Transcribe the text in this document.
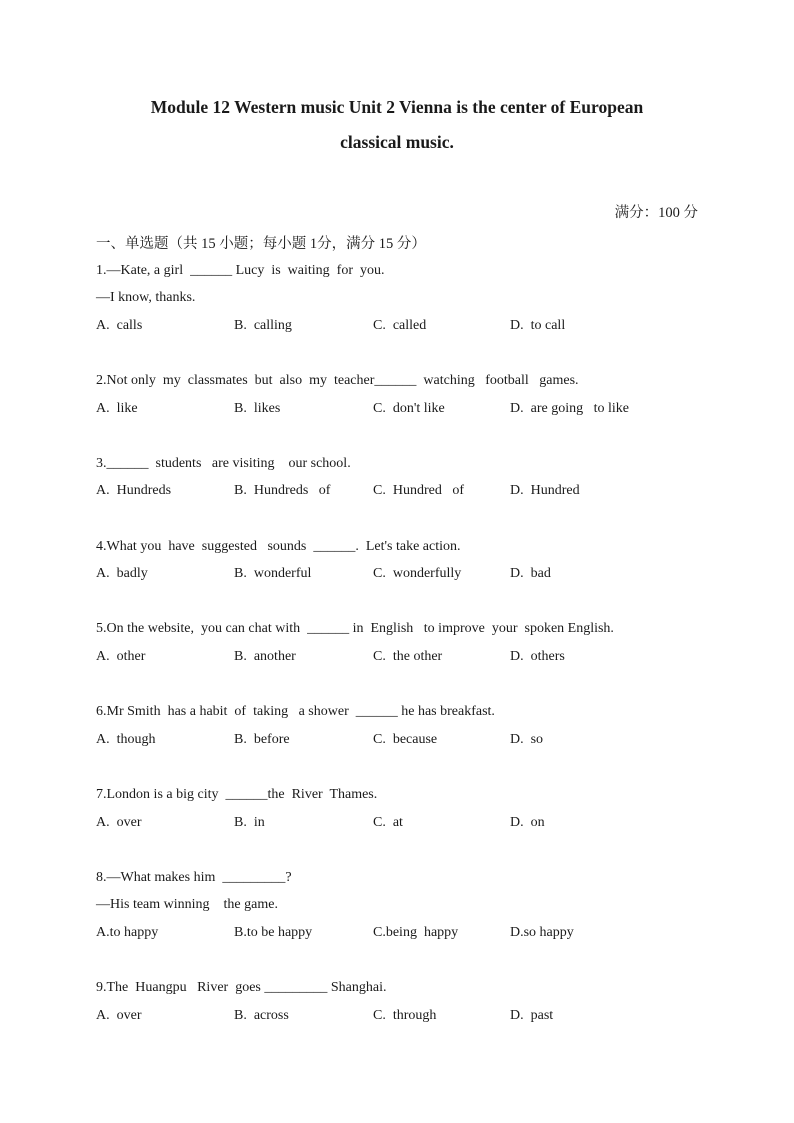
Module 12 Western music Unit 2 Vienna is the center of European
classical music.
满分：100 分
一、单选题（共 15 小题；每小题 1分，满分 15 分）
1.—Kate, a girl  ______ Lucy  is  waiting  for  you.
—I know, thanks.
A.  calls	B.  calling	C.  called	D.  to call
2.Not only  my  classmates  but  also  my  teacher______  watching   football   games.
A.  like	B.  likes	C.  don't like	D.  are going   to like
3.______  students   are visiting    our school.
A.  Hundreds	B.  Hundreds   of	C.  Hundred   of	D.  Hundred
4.What you  have  suggested   sounds  ______.  Let's take action.
A.  badly	B.  wonderful	C.  wonderfully	D.  bad
5.On the website,  you can chat with  ______ in  English   to improve  your  spoken English.
A.  other	B.  another	C.  the other	D.  others
6.Mr Smith  has a habit  of  taking   a shower  ______ he has breakfast.
A.  though	B.  before	C.  because	D.  so
7.London is a big city  ______the  River  Thames.
A.  over	B.  in	C.  at	D.  on
8.—What makes him  _________?
—His team winning    the game.
A.to happy	B.to be happy	C.being  happy	D.so happy
9.The  Huangpu   River  goes _________ Shanghai.
A.  over	B.  across	C.  through	D.  past
